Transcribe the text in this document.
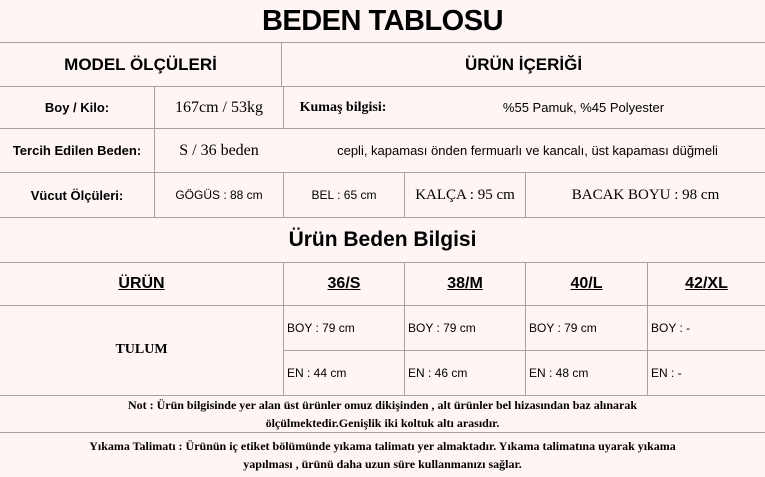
BEDEN TABLOSU
MODEL ÖLÇÜLERİ	ÜRÜN İÇERİĞİ
Boy / Kilo:	167cm / 53kg	Kumaş bilgisi:	%55 Pamuk, %45 Polyester
Tercih Edilen Beden:	S / 36 beden	cepli, kapaması önden fermuarlı ve kancalı, üst kapaması düğmeli
Vücut Ölçüleri:	GÖGÜS : 88 cm	BEL : 65 cm	KALÇA : 95 cm	BACAK BOYU : 98 cm
Ürün Beden Bilgisi
ÜRÜN	36/S	38/M	40/L	42/XL
TULUM
BOY : 79 cm	BOY : 79 cm	BOY : 79 cm	BOY : -
EN : 44 cm	EN : 46 cm	EN : 48 cm	EN : -
Not : Ürün bilgisinde yer alan üst ürünler omuz dikişinden , alt ürünler bel hizasından baz alınarak
ölçülmektedir.Genişlik iki koltuk altı arasıdır.
Yıkama Talimatı : Ürünün iç etiket bölümünde yıkama talimatı yer almaktadır. Yıkama talimatına uyarak yıkama
yapılması , ürünü daha uzun süre kullanmanızı sağlar.
